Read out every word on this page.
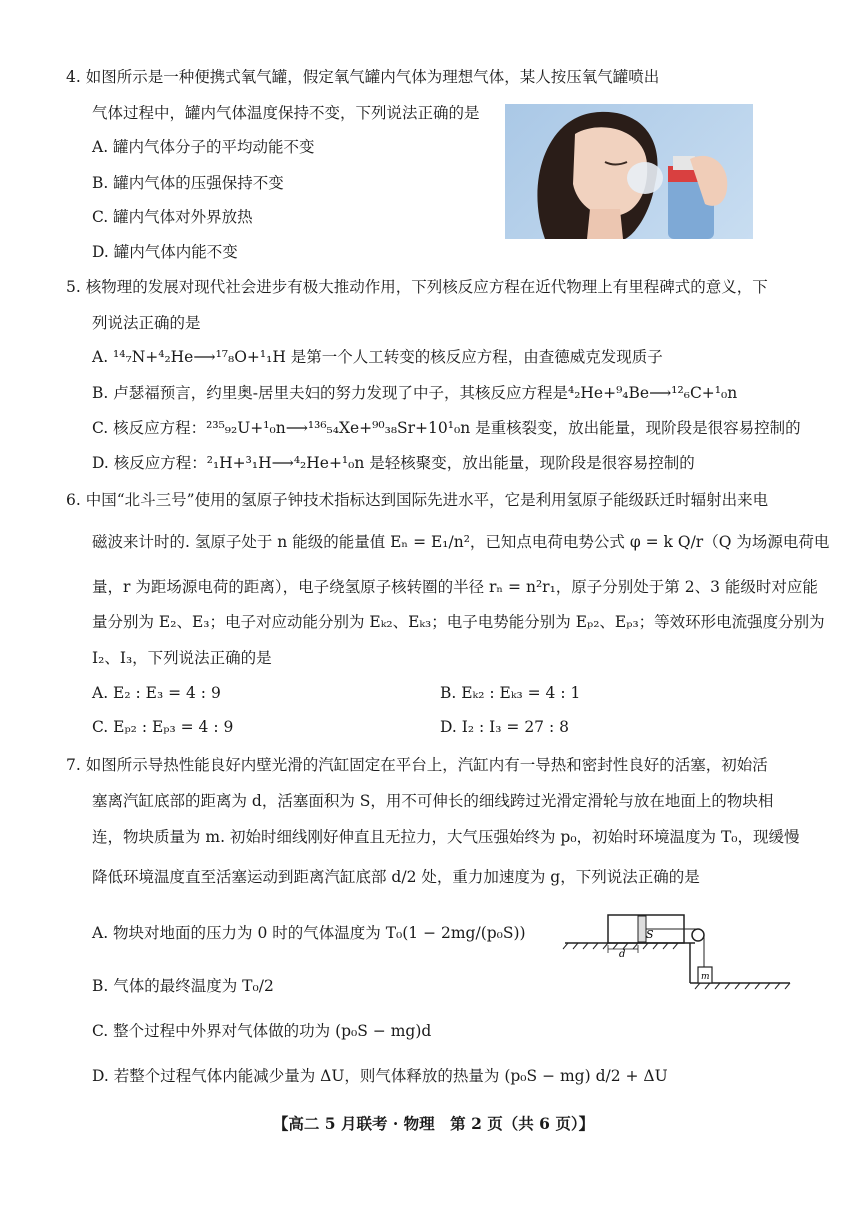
4. 如图所示是一种便携式氧气罐，假定氧气罐内气体为理想气体，某人按压氧气罐喷出
气体过程中，罐内气体温度保持不变，下列说法正确的是
A. 罐内气体分子的平均动能不变
B. 罐内气体的压强保持不变
C. 罐内气体对外界放热
D. 罐内气体内能不变
5. 核物理的发展对现代社会进步有极大推动作用，下列核反应方程在近代物理上有里程碑式的意义，下
列说法正确的是
A. ¹⁴₇N+⁴₂He⟶¹⁷₈O+¹₁H 是第一个人工转变的核反应方程，由查德威克发现质子
B. 卢瑟福预言，约里奥-居里夫妇的努力发现了中子，其核反应方程是⁴₂He+⁹₄Be⟶¹²₆C+¹₀n
C. 核反应方程：²³⁵₉₂U+¹₀n⟶¹³⁶₅₄Xe+⁹⁰₃₈Sr+10¹₀n 是重核裂变，放出能量，现阶段是很容易控制的
D. 核反应方程：²₁H+³₁H⟶⁴₂He+¹₀n 是轻核聚变，放出能量，现阶段是很容易控制的
6. 中国“北斗三号”使用的氢原子钟技术指标达到国际先进水平，它是利用氢原子能级跃迁时辐射出来电
磁波来计时的. 氢原子处于 n 能级的能量值 Eₙ = E₁/n²，已知点电荷电势公式 φ = k Q/r（Q 为场源电荷电
量，r 为距场源电荷的距离），电子绕氢原子核转圈的半径 rₙ = n²r₁，原子分别处于第 2、3 能级时对应能
量分别为 E₂、E₃；电子对应动能分别为 Eₖ₂、Eₖ₃；电子电势能分别为 Eₚ₂、Eₚ₃；等效环形电流强度分别为
I₂、I₃，下列说法正确的是
A. E₂ : E₃ = 4 : 9	B. Eₖ₂ : Eₖ₃ = 4 : 1
C. Eₚ₂ : Eₚ₃ = 4 : 9	D. I₂ : I₃ = 27 : 8
7. 如图所示导热性能良好内壁光滑的汽缸固定在平台上，汽缸内有一导热和密封性良好的活塞，初始活
塞离汽缸底部的距离为 d，活塞面积为 S，用不可伸长的细线跨过光滑定滑轮与放在地面上的物块相
连，物块质量为 m. 初始时细线刚好伸直且无拉力，大气压强始终为 p₀，初始时环境温度为 T₀，现缓慢
降低环境温度直至活塞运动到距离汽缸底部 d/2 处，重力加速度为 g，下列说法正确的是
A. 物块对地面的压力为 0 时的气体温度为 T₀(1 − 2mg/(p₀S))
B. 气体的最终温度为 T₀/2
C. 整个过程中外界对气体做的功为 (p₀S − mg)d
D. 若整个过程气体内能减少量为 ΔU，则气体释放的热量为 (p₀S − mg) d/2 + ΔU
S
d
m
【高二 5 月联考 · 物理　第 2 页（共 6 页）】
